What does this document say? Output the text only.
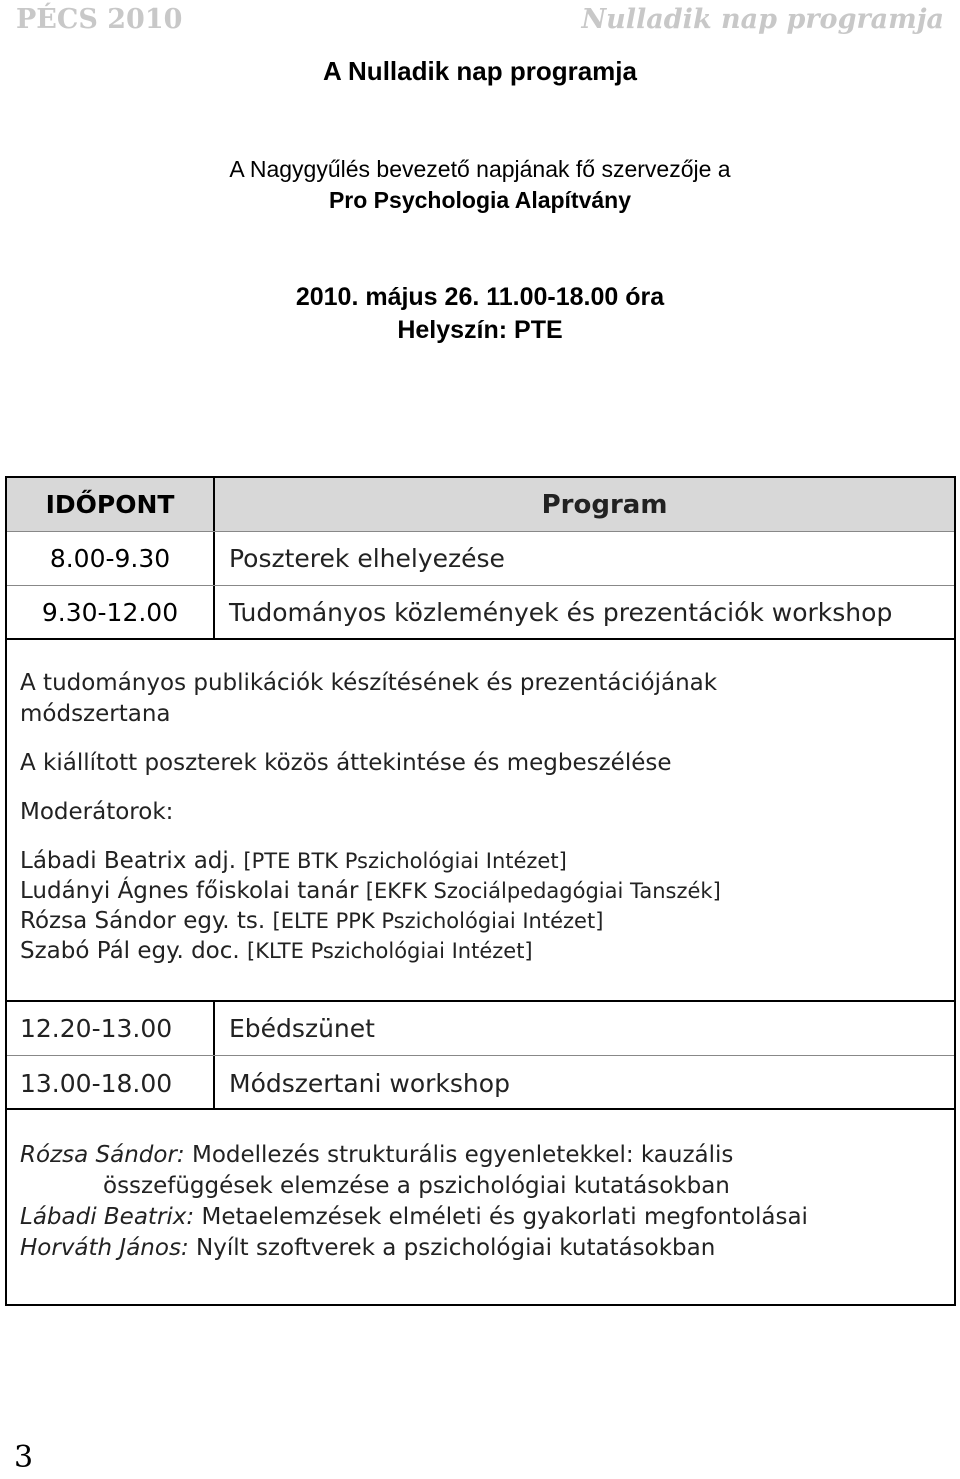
PÉCS 2010	Nulladik nap programja
A Nulladik nap programja
A Nagygyűlés bevezető napjának fő szervezője a
Pro Psychologia Alapítvány
2010. május 26. 11.00-18.00 óra
Helyszín: PTE
IDŐPONT	Program
8.00-9.30	Poszterek elhelyezése
9.30-12.00	Tudományos közlemények és prezentációk workshop

A tudományos publikációk készítésének és prezentációjának

módszertana

A kiállított poszterek közös áttekintése és megbeszélése

Moderátorok:

Lábadi Beatrix adj. [PTE BTK Pszichológiai Intézet]
Ludányi Ágnes főiskolai tanár [EKFK Szociálpedagógiai Tanszék]
Rózsa Sándor egy. ts. [ELTE PPK Pszichológiai Intézet]
Szabó Pál egy. doc. [KLTE Pszichológiai Intézet]
12.20-13.00	Ebédszünet
13.00-18.00	Módszertani workshop

Rózsa Sándor: Modellezés strukturális egyenletekkel: kauzális

összefüggések elemzése a pszichológiai kutatásokban

Lábadi Beatrix: Metaelemzések elméleti és gyakorlati megfontolásai

Horváth János: Nyílt szoftverek a pszichológiai kutatásokban

3
